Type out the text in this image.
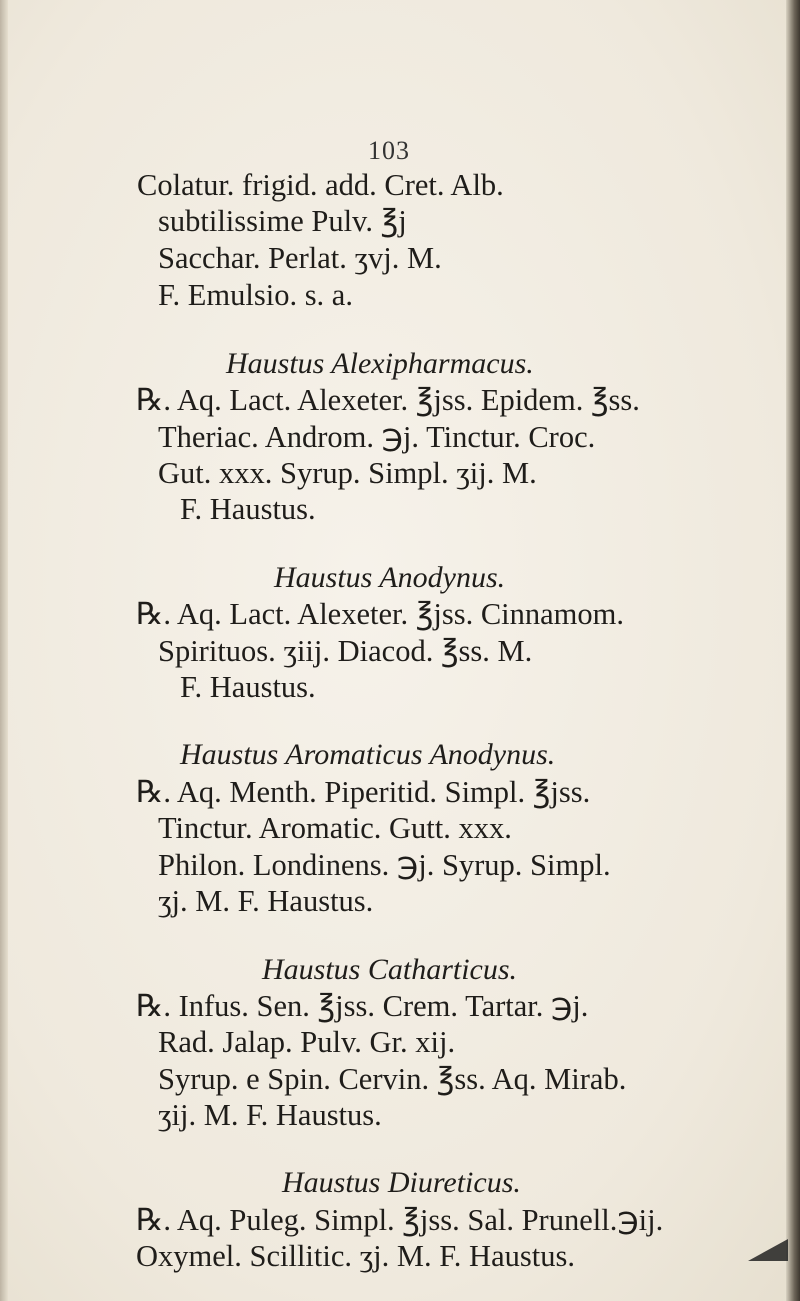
103
Colatur. frigid. add. Cret. Alb.
subtilissime Pulv. ℥j
Sacchar. Perlat. ʒvj. M.
F. Emulsio. s. a.
Haustus Alexipharmacus.
℞. Aq. Lact. Alexeter. ℥jss. Epidem. ℥ss.
Theriac. Androm. ℈j. Tinctur. Croc.
Gut. xxx. Syrup. Simpl. ʒij. M.
F. Haustus.
Haustus Anodynus.
℞. Aq. Lact. Alexeter. ℥jss. Cinnamom.
Spirituos. ʒiij. Diacod. ℥ss. M.
F. Haustus.
Haustus Aromaticus Anodynus.
℞. Aq. Menth. Piperitid. Simpl. ℥jss.
Tinctur. Aromatic. Gutt. xxx.
Philon. Londinens. ℈j. Syrup. Simpl.
ʒj. M. F. Haustus.
Haustus Catharticus.
℞. Infus. Sen. ℥jss. Crem. Tartar. ℈j.
Rad. Jalap. Pulv. Gr. xij.
Syrup. e Spin. Cervin. ℥ss. Aq. Mirab.
ʒij. M. F. Haustus.
Haustus Diureticus.
℞. Aq. Puleg. Simpl. ℥jss. Sal. Prunell.℈ij.
Oxymel. Scillitic. ʒj. M. F. Haustus.
